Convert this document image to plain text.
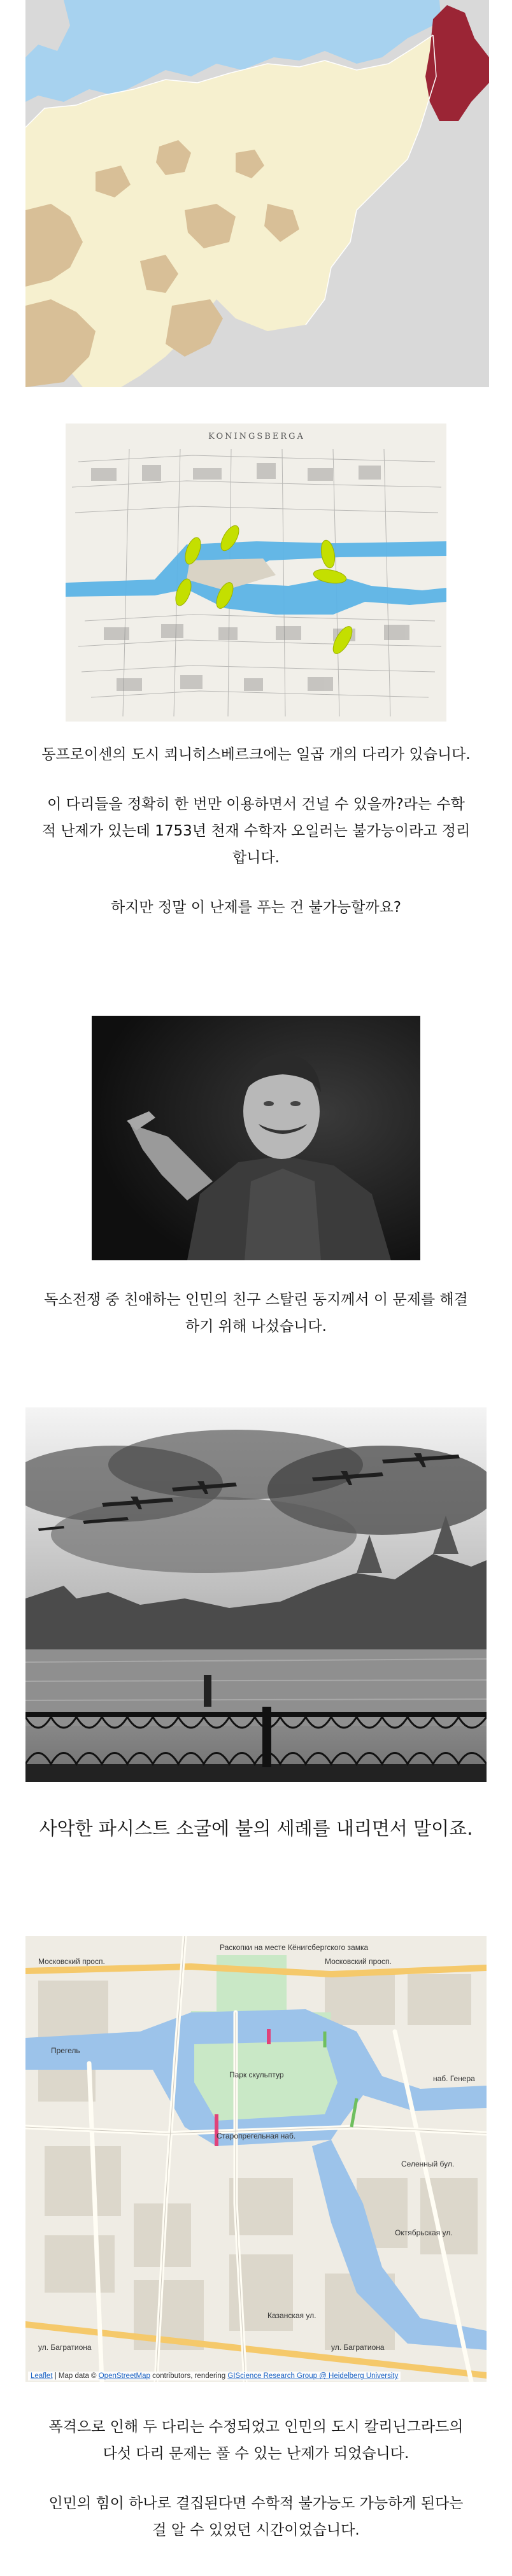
KONINGSBERGA

동프로이센의 도시 쾨니히스베르크에는 일곱 개의 다리가 있습니다.

이 다리들을 정확히 한 번만 이용하면서 건널 수 있을까?라는 수학

적 난제가 있는데 1753년 천재 수학자 오일러는 불가능이라고 정리

합니다.

하지만 정말 이 난제를 푸는 건 불가능할까요?

독소전쟁 중 친애하는 인민의 친구 스탈린 동지께서 이 문제를 해결

하기 위해 나섰습니다.

사악한 파시스트 소굴에 불의 세례를 내리면서 말이죠.

Московский просп.	Московский просп.
Раскопки на месте Кёнигсбергского замка
Парк скульптур	наб. Генера
Старопрегельная наб.
Прегель
Казанская ул.
ул. Багратиона
ул. Багратиона
Октябрьская ул.
Селенный бул.
Leaflet | Map data © OpenStreetMap contributors, rendering GIScience Research Group @ Heidelberg University

폭격으로 인해 두 다리는 수정되었고 인민의 도시 칼리닌그라드의

다섯 다리 문제는 풀 수 있는 난제가 되었습니다.

인민의 힘이 하나로 결집된다면 수학적 불가능도 가능하게 된다는

걸 알 수 있었던 시간이었습니다.
